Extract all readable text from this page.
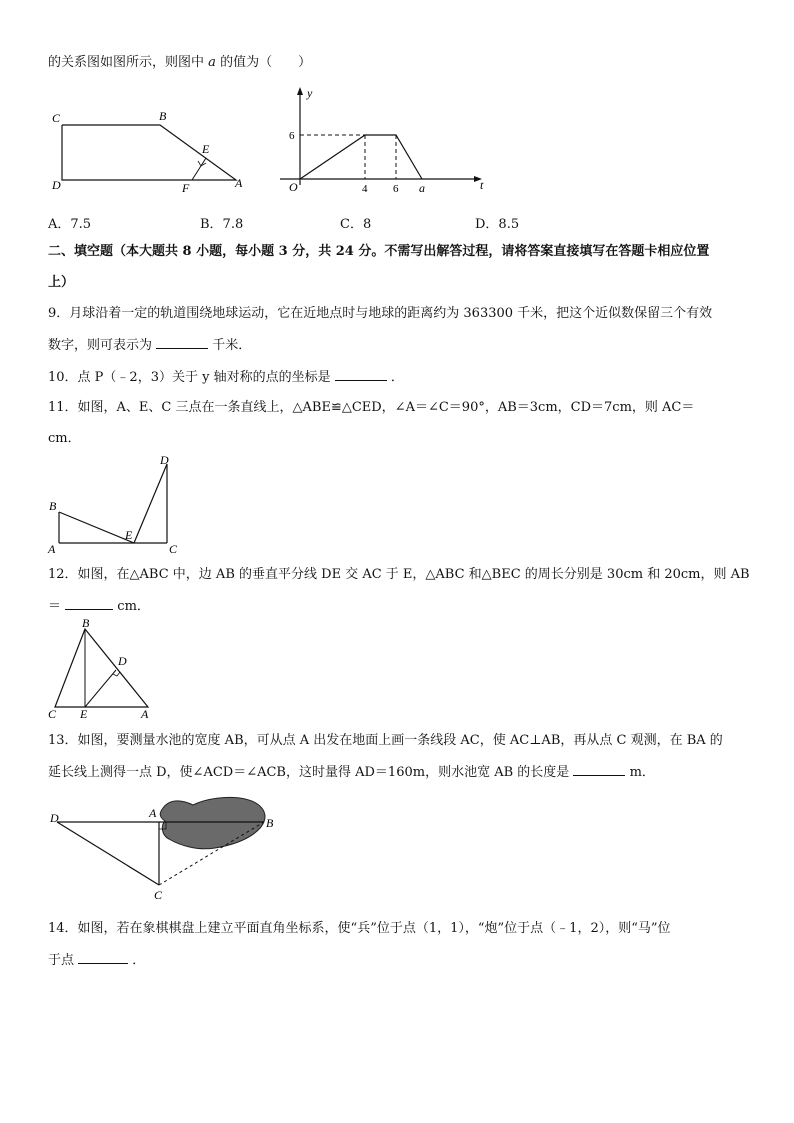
的关系图如图所示，则图中 a 的值为（　　）
C	B
E
D	F	A
y
t
O
6
4 6 a
A．7.5	B．7.8	C．8	D．8.5
二、填空题（本大题共 8 小题，每小题 3 分，共 24 分。不需写出解答过程，请将答案直接填写在答题卡相应位置
上）
9．月球沿着一定的轨道围绕地球运动，它在近地点时与地球的距离约为 363300 千米，把这个近似数保留三个有效
数字，则可表示为	千米．
10．点 P（﹣2，3）关于 y 轴对称的点的坐标是	．
11．如图，A、E、C 三点在一条直线上，△ABE≌△CED，∠A＝∠C＝90°，AB＝3cm，CD＝7cm，则 AC＝
cm．
D
B
E
A	C
12．如图，在△ABC 中，边 AB 的垂直平分线 DE 交 AC 于 E，△ABC 和△BEC 的周长分别是 30cm 和 20cm，则 AB
＝	cm．
B
D
C E	A
13．如图，要测量水池的宽度 AB，可从点 A 出发在地面上画一条线段 AC，使 AC⊥AB，再从点 C 观测，在 BA 的
延长线上测得一点 D，使∠ACD＝∠ACB，这时量得 AD＝160m，则水池宽 AB 的长度是	m．
D	A
B
C
14．如图，若在象棋棋盘上建立平面直角坐标系，使“兵”位于点（1，1），“炮”位于点（﹣1，2），则“马”位
于点	．
